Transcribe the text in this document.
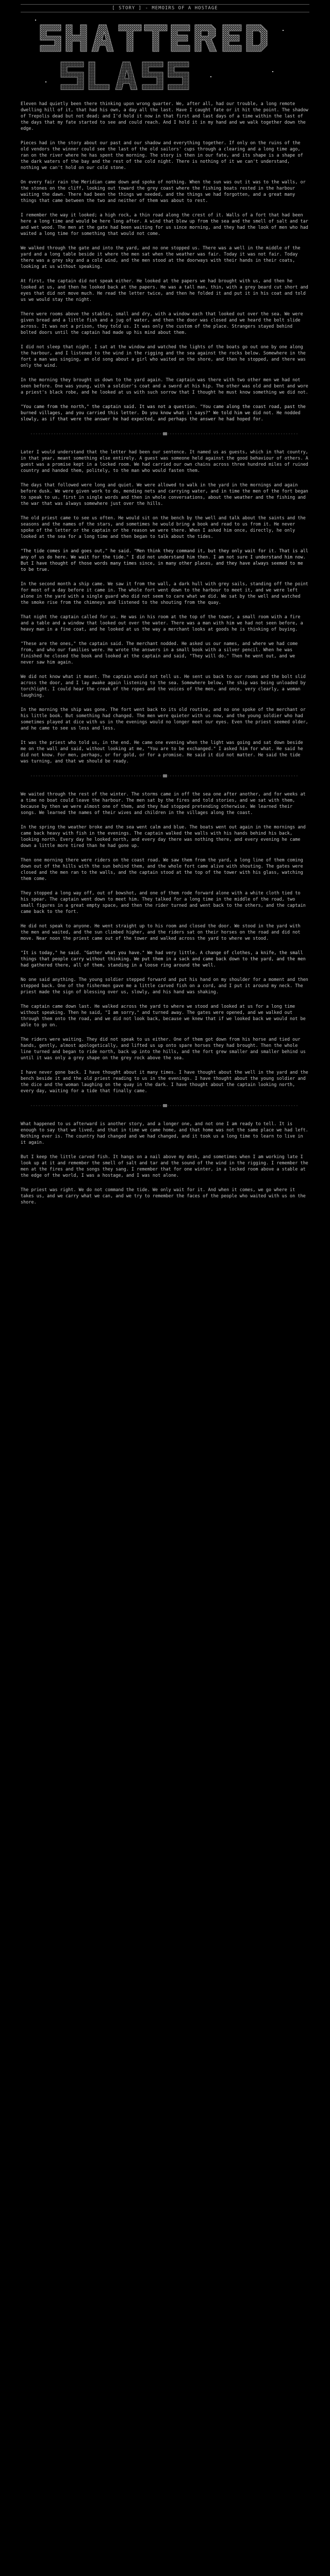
[ STORY ] - MEMOIRS OF A HOSTAGE

Eleven had quietly been there thinking upon wrong quarter. We, after all, had our trouble, a long remote dwelling hill of it, that had his own, a day all the last. Have I caught fate or it hit the point. The shadow of Trepolis dead but not dead; and I'd hold it now in that first and last days of a time within the last of the days that my fate started to see and could reach. And I hold it in my hand and we walk together down the edge.

Pieces had in the story about our past and our shadow and everything together. If only on the ruins of the old vendors the winner could see the last of the old sailors' cups through a clearing and a long time ago, ran on the river where he has spent the morning. The story is then in our fate, and its shape is a shape of the dark waters of the bay and the rest of the cold night. There is nothing of it we can't understand, nothing we can't hold on our cold stone.

On every fair rain the Meridian came down and spoke of nothing. When the sun was out it was to the walls, or the stones on the cliff, looking out toward the grey coast where the fishing boats rested in the harbour waiting the dawn. There had been the things we needed, and the things we had forgotten, and a great many things that came between the two and neither of them was about to rest.

I remember the way it looked; a high rock, a thin road along the crest of it. Walls of a fort that had been here a long time and would be here long after. A wind that blew up from the sea and the smell of salt and tar and wet wood. The men at the gate had been waiting for us since morning, and they had the look of men who had waited a long time for something that would not come.

We walked through the gate and into the yard, and no one stopped us. There was a well in the middle of the yard and a long table beside it where the men sat when the weather was fair. Today it was not fair. Today there was a grey sky and a cold wind, and the men stood at the doorways with their hands in their coats, looking at us without speaking.

At first, the captain did not speak either. He looked at the papers we had brought with us, and then he looked at us, and then he looked back at the papers. He was a tall man, thin, with a grey beard cut short and eyes that did not move much. He read the letter twice, and then he folded it and put it in his coat and told us we would stay the night.

There were rooms above the stables, small and dry, with a window each that looked out over the sea. We were given bread and a little fish and a jug of water, and then the door was closed and we heard the bolt slide across. It was not a prison, they told us. It was only the custom of the place. Strangers stayed behind bolted doors until the captain had made up his mind about them.

I did not sleep that night. I sat at the window and watched the lights of the boats go out one by one along the harbour, and I listened to the wind in the rigging and the sea against the rocks below. Somewhere in the fort a man was singing, an old song about a girl who waited on the shore, and then he stopped, and there was only the wind.

In the morning they brought us down to the yard again. The captain was there with two other men we had not seen before. One was young, with a soldier's coat and a sword at his hip. The other was old and bent and wore a priest's black robe, and he looked at us with such sorrow that I thought he must know something we did not.

"You came from the north," the captain said. It was not a question. "You came along the coast road, past the burned villages, and you carried this letter. Do you know what it says?" We told him we did not. He nodded slowly, as if that were the answer he had expected, and perhaps the answer he had hoped for.

Later I would understand that the letter had been our sentence. It named us as guests, which in that country, in that year, meant something else entirely. A guest was someone held against the good behaviour of others. A guest was a promise kept in a locked room. We had carried our own chains across three hundred miles of ruined country and handed them, politely, to the man who would fasten them.

The days that followed were long and quiet. We were allowed to walk in the yard in the mornings and again before dusk. We were given work to do, mending nets and carrying water, and in time the men of the fort began to speak to us, first in single words and then in whole conversations, about the weather and the fishing and the war that was always somewhere just over the hills.

The old priest came to see us often. He would sit on the bench by the well and talk about the saints and the seasons and the names of the stars, and sometimes he would bring a book and read to us from it. He never spoke of the letter or the captain or the reason we were there. When I asked him once, directly, he only looked at the sea for a long time and then began to talk about the tides.

"The tide comes in and goes out," he said. "Men think they command it, but they only wait for it. That is all any of us do here. We wait for the tide." I did not understand him then. I am not sure I understand him now. But I have thought of those words many times since, in many other places, and they have always seemed to me to be true.

In the second month a ship came. We saw it from the wall, a dark hull with grey sails, standing off the point for most of a day before it came in. The whole fort went down to the harbour to meet it, and we were left alone in the yard with a single guard who did not seem to care what we did. We sat by the well and watched the smoke rise from the chimneys and listened to the shouting from the quay.

That night the captain called for us. He was in his room at the top of the tower, a small room with a fire and a table and a window that looked out over the water. There was a man with him we had not seen before, a heavy man in a fine coat, and he looked at us the way a merchant looks at goods he is thinking of buying.

"These are the ones," the captain said. The merchant nodded. He asked us our names, and where we had come from, and who our families were. He wrote the answers in a small book with a silver pencil. When he was finished he closed the book and looked at the captain and said, "They will do." Then he went out, and we never saw him again.

We did not know what it meant. The captain would not tell us. He sent us back to our rooms and the bolt slid across the door, and I lay awake again listening to the sea. Somewhere below, the ship was being unloaded by torchlight. I could hear the creak of the ropes and the voices of the men, and once, very clearly, a woman laughing.

In the morning the ship was gone. The fort went back to its old routine, and no one spoke of the merchant or his little book. But something had changed. The men were quieter with us now, and the young soldier who had sometimes played at dice with us in the evenings would no longer meet our eyes. Even the priest seemed older, and he came to see us less and less.

It was the priest who told us, in the end. He came one evening when the light was going and sat down beside me on the wall and said, without looking at me, "You are to be exchanged." I asked him for what. He said he did not know. For men, perhaps, or for gold, or for a promise. He said it did not matter. He said the tide was turning, and that we should be ready.

We waited through the rest of the winter. The storms came in off the sea one after another, and for weeks at a time no boat could leave the harbour. The men sat by the fires and told stories, and we sat with them, because by then we were almost one of them, and they had stopped pretending otherwise. We learned their songs. We learned the names of their wives and children in the villages along the coast.

In the spring the weather broke and the sea went calm and blue. The boats went out again in the mornings and came back heavy with fish in the evenings. The captain walked the walls with his hands behind his back, looking north. Every day he looked north, and every day there was nothing there, and every evening he came down a little more tired than he had gone up.

Then one morning there were riders on the coast road. We saw them from the yard, a long line of them coming down out of the hills with the sun behind them, and the whole fort came alive with shouting. The gates were closed and the men ran to the walls, and the captain stood at the top of the tower with his glass, watching them come.

They stopped a long way off, out of bowshot, and one of them rode forward alone with a white cloth tied to his spear. The captain went down to meet him. They talked for a long time in the middle of the road, two small figures in a great empty space, and then the rider turned and went back to the others, and the captain came back to the fort.

He did not speak to anyone. He went straight up to his room and closed the door. We stood in the yard with the men and waited, and the sun climbed higher, and the riders sat on their horses on the road and did not move. Near noon the priest came out of the tower and walked across the yard to where we stood.

"It is today," he said. "Gather what you have." We had very little. A change of clothes, a knife, the small things that people carry without thinking. We put them in a sack and came back down to the yard, and the men had gathered there, all of them, standing in a loose ring around the well.

No one said anything. The young soldier stepped forward and put his hand on my shoulder for a moment and then stepped back. One of the fishermen gave me a little carved fish on a cord, and I put it around my neck. The priest made the sign of blessing over us, slowly, and his hand was shaking.

The captain came down last. He walked across the yard to where we stood and looked at us for a long time without speaking. Then he said, "I am sorry," and turned away. The gates were opened, and we walked out through them onto the road, and we did not look back, because we knew that if we looked back we would not be able to go on.

The riders were waiting. They did not speak to us either. One of them got down from his horse and tied our hands, gently, almost apologetically, and lifted us up onto spare horses they had brought. Then the whole line turned and began to ride north, back up into the hills, and the fort grew smaller and smaller behind us until it was only a grey shape on the grey rock above the sea.

I have never gone back. I have thought about it many times. I have thought about the well in the yard and the bench beside it and the old priest reading to us in the evenings. I have thought about the young soldier and the dice and the woman laughing on the quay in the dark. I have thought about the captain looking north, every day, waiting for a tide that finally came.

What happened to us afterward is another story, and a longer one, and not one I am ready to tell. It is enough to say that we lived, and that in time we came home, and that home was not the same place we had left. Nothing ever is. The country had changed and we had changed, and it took us a long time to learn to live in it again.

But I keep the little carved fish. It hangs on a nail above my desk, and sometimes when I am working late I look up at it and remember the smell of salt and tar and the sound of the wind in the rigging. I remember the men at the fires and the songs they sang. I remember that for one winter, in a locked room above a stable at the edge of the world, I was a hostage, and I was not alone.

The priest was right. We do not command the tide. We only wait for it. And when it comes, we go where it takes us, and we carry what we can, and we try to remember the faces of the people who waited with us on the shore.
